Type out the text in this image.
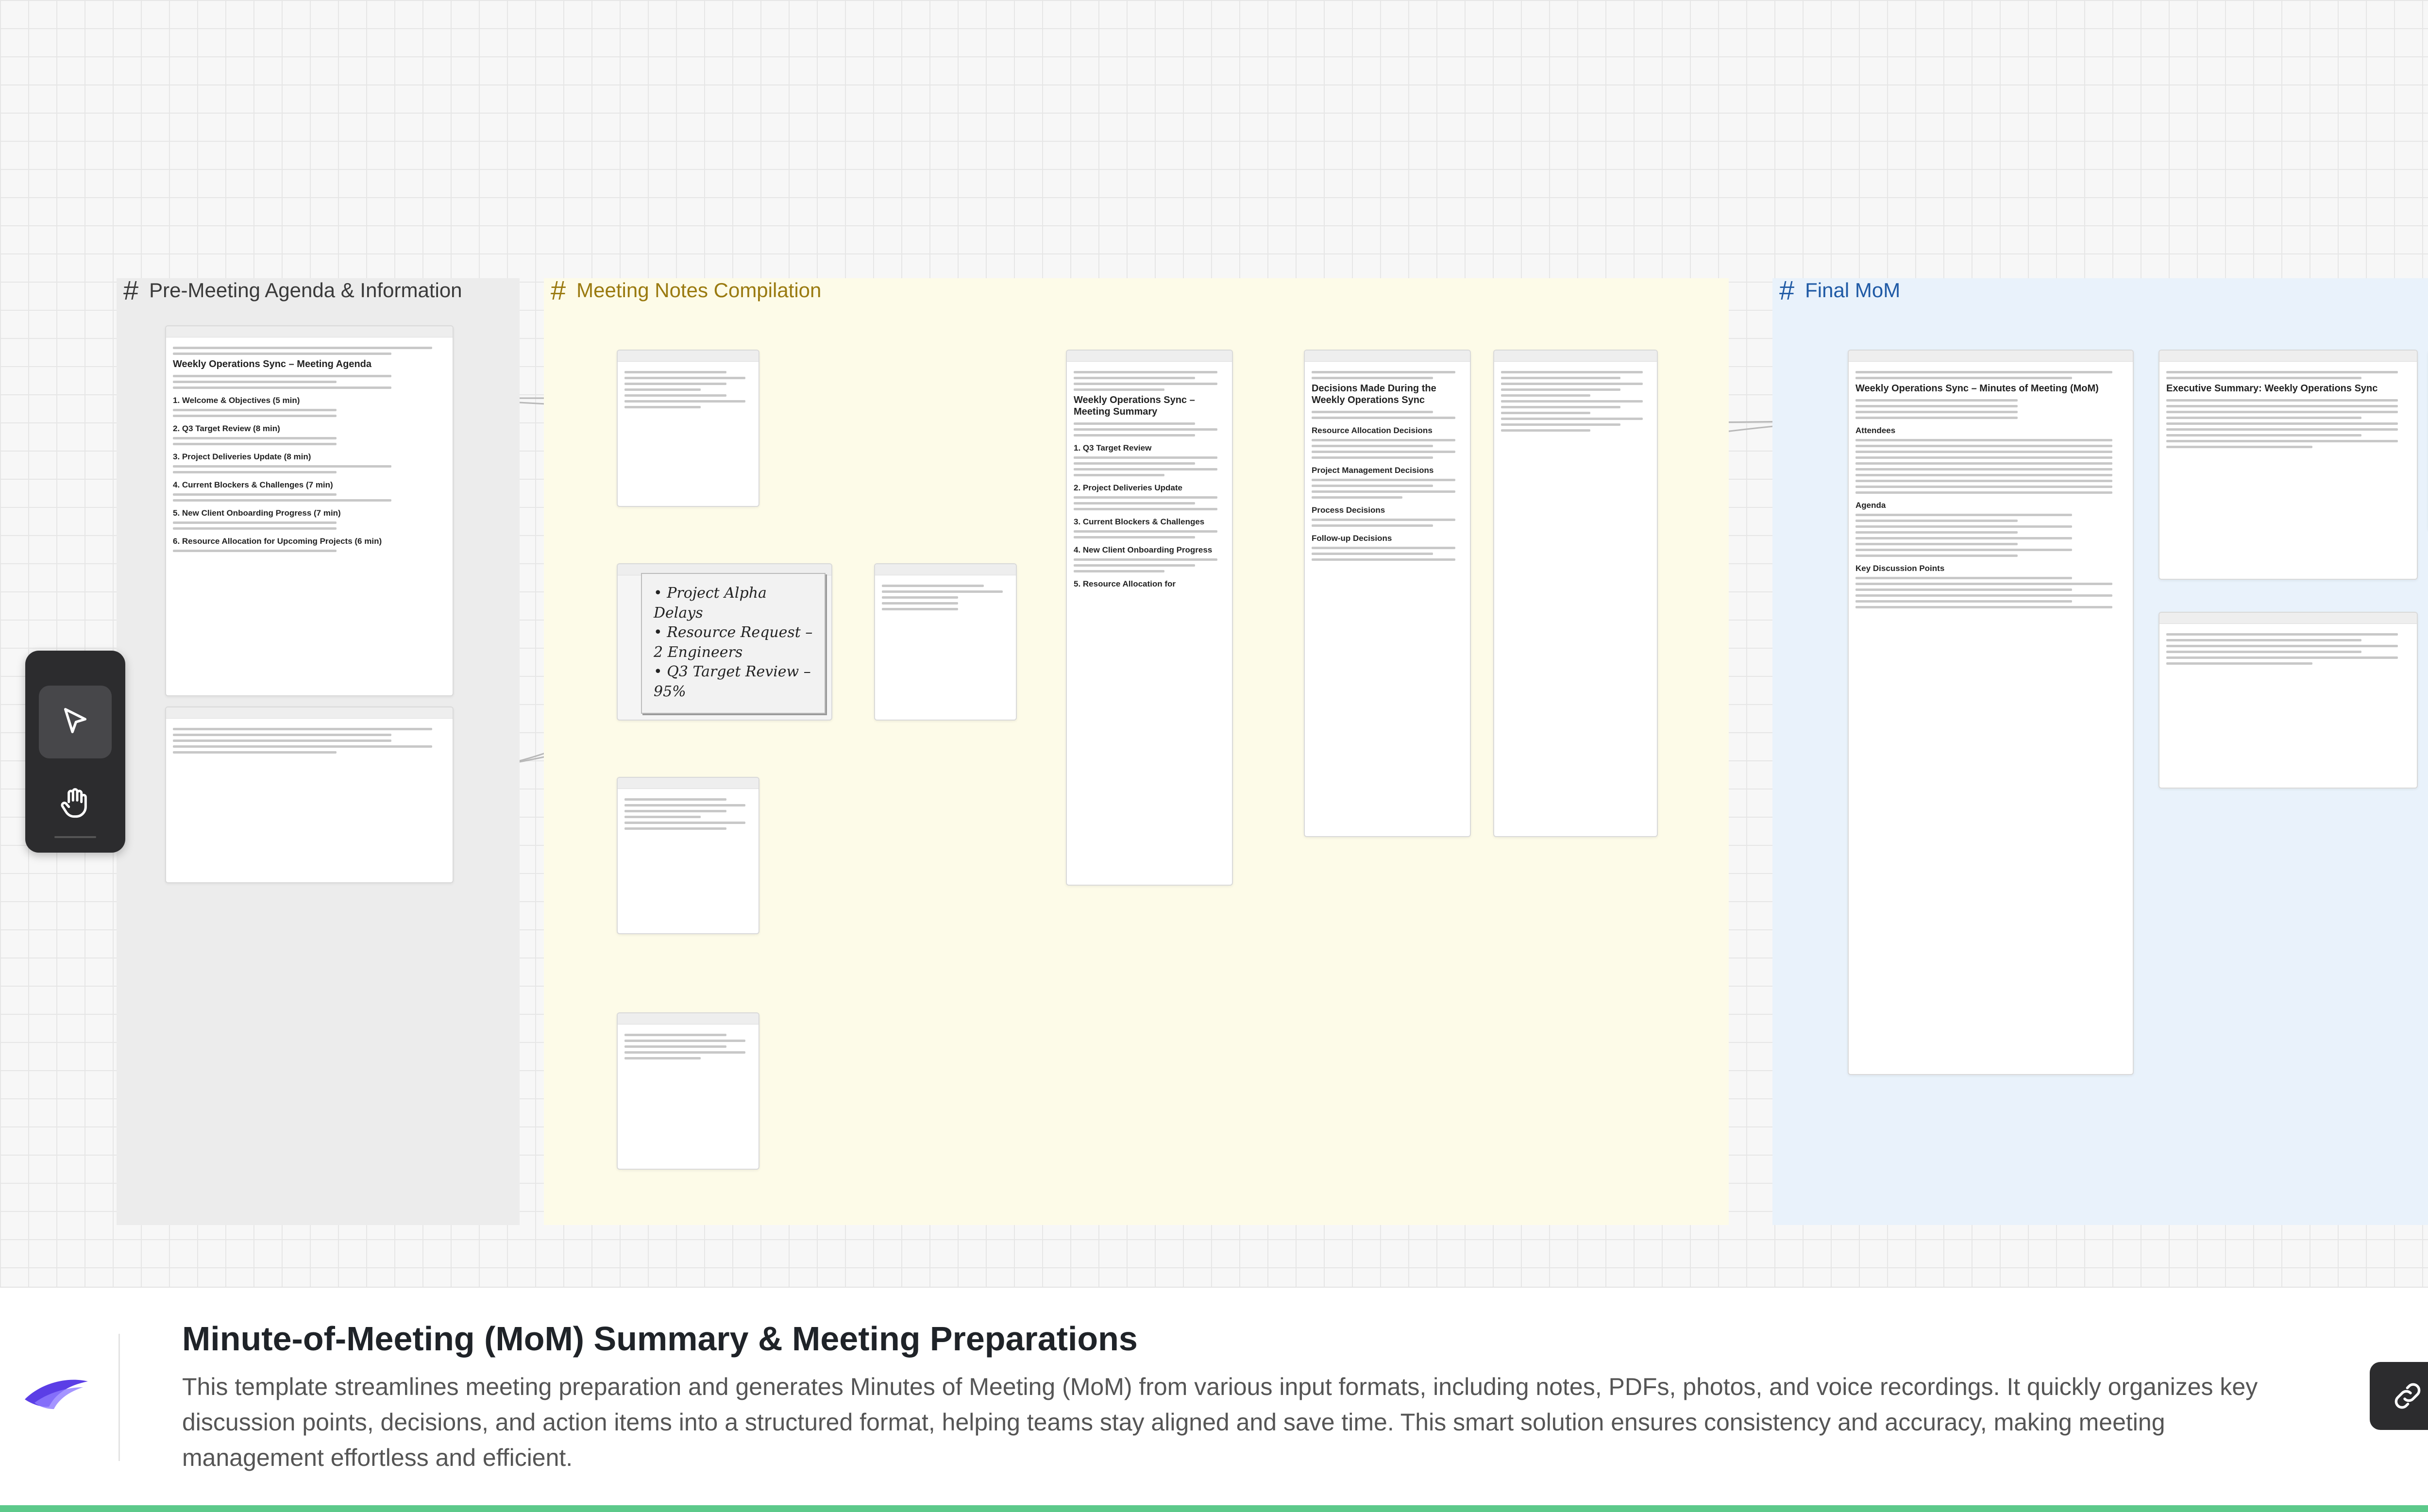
# Pre-Meeting Agenda & Information	# Meeting Notes Compilation	# Final MoM
Weekly Operations Sync – Meeting Agenda
1. Welcome & Objectives (5 min)
2. Q3 Target Review (8 min)
3. Project Deliveries Update (8 min)
4. Current Blockers & Challenges (7 min)
5. New Client Onboarding Progress (7 min)
6. Resource Allocation for Upcoming Projects (6 min)
• Project Alpha Delays
• Resource Request –
2 Engineers
• Q3 Target Review – 95%
Weekly Operations Sync – Meeting Summary
1. Q3 Target Review
2. Project Deliveries Update
3. Current Blockers & Challenges
4. New Client Onboarding Progress
5. Resource Allocation for
Decisions Made During the Weekly Operations Sync
Resource Allocation Decisions
Project Management Decisions
Process Decisions
Follow-up Decisions
Weekly Operations Sync – Minutes of Meeting (MoM)
Attendees
Agenda
Key Discussion Points
Executive Summary: Weekly Operations Sync
Minute-of-Meeting (MoM) Summary & Meeting Preparations
This template streamlines meeting preparation and generates Minutes of Meeting (MoM) from various input formats, including notes, PDFs, photos, and voice recordings. It quickly organizes key discussion points, decisions, and action items into a structured format, helping teams stay aligned and save time. This smart solution ensures consistency and accuracy, making meeting management effortless and efficient.
